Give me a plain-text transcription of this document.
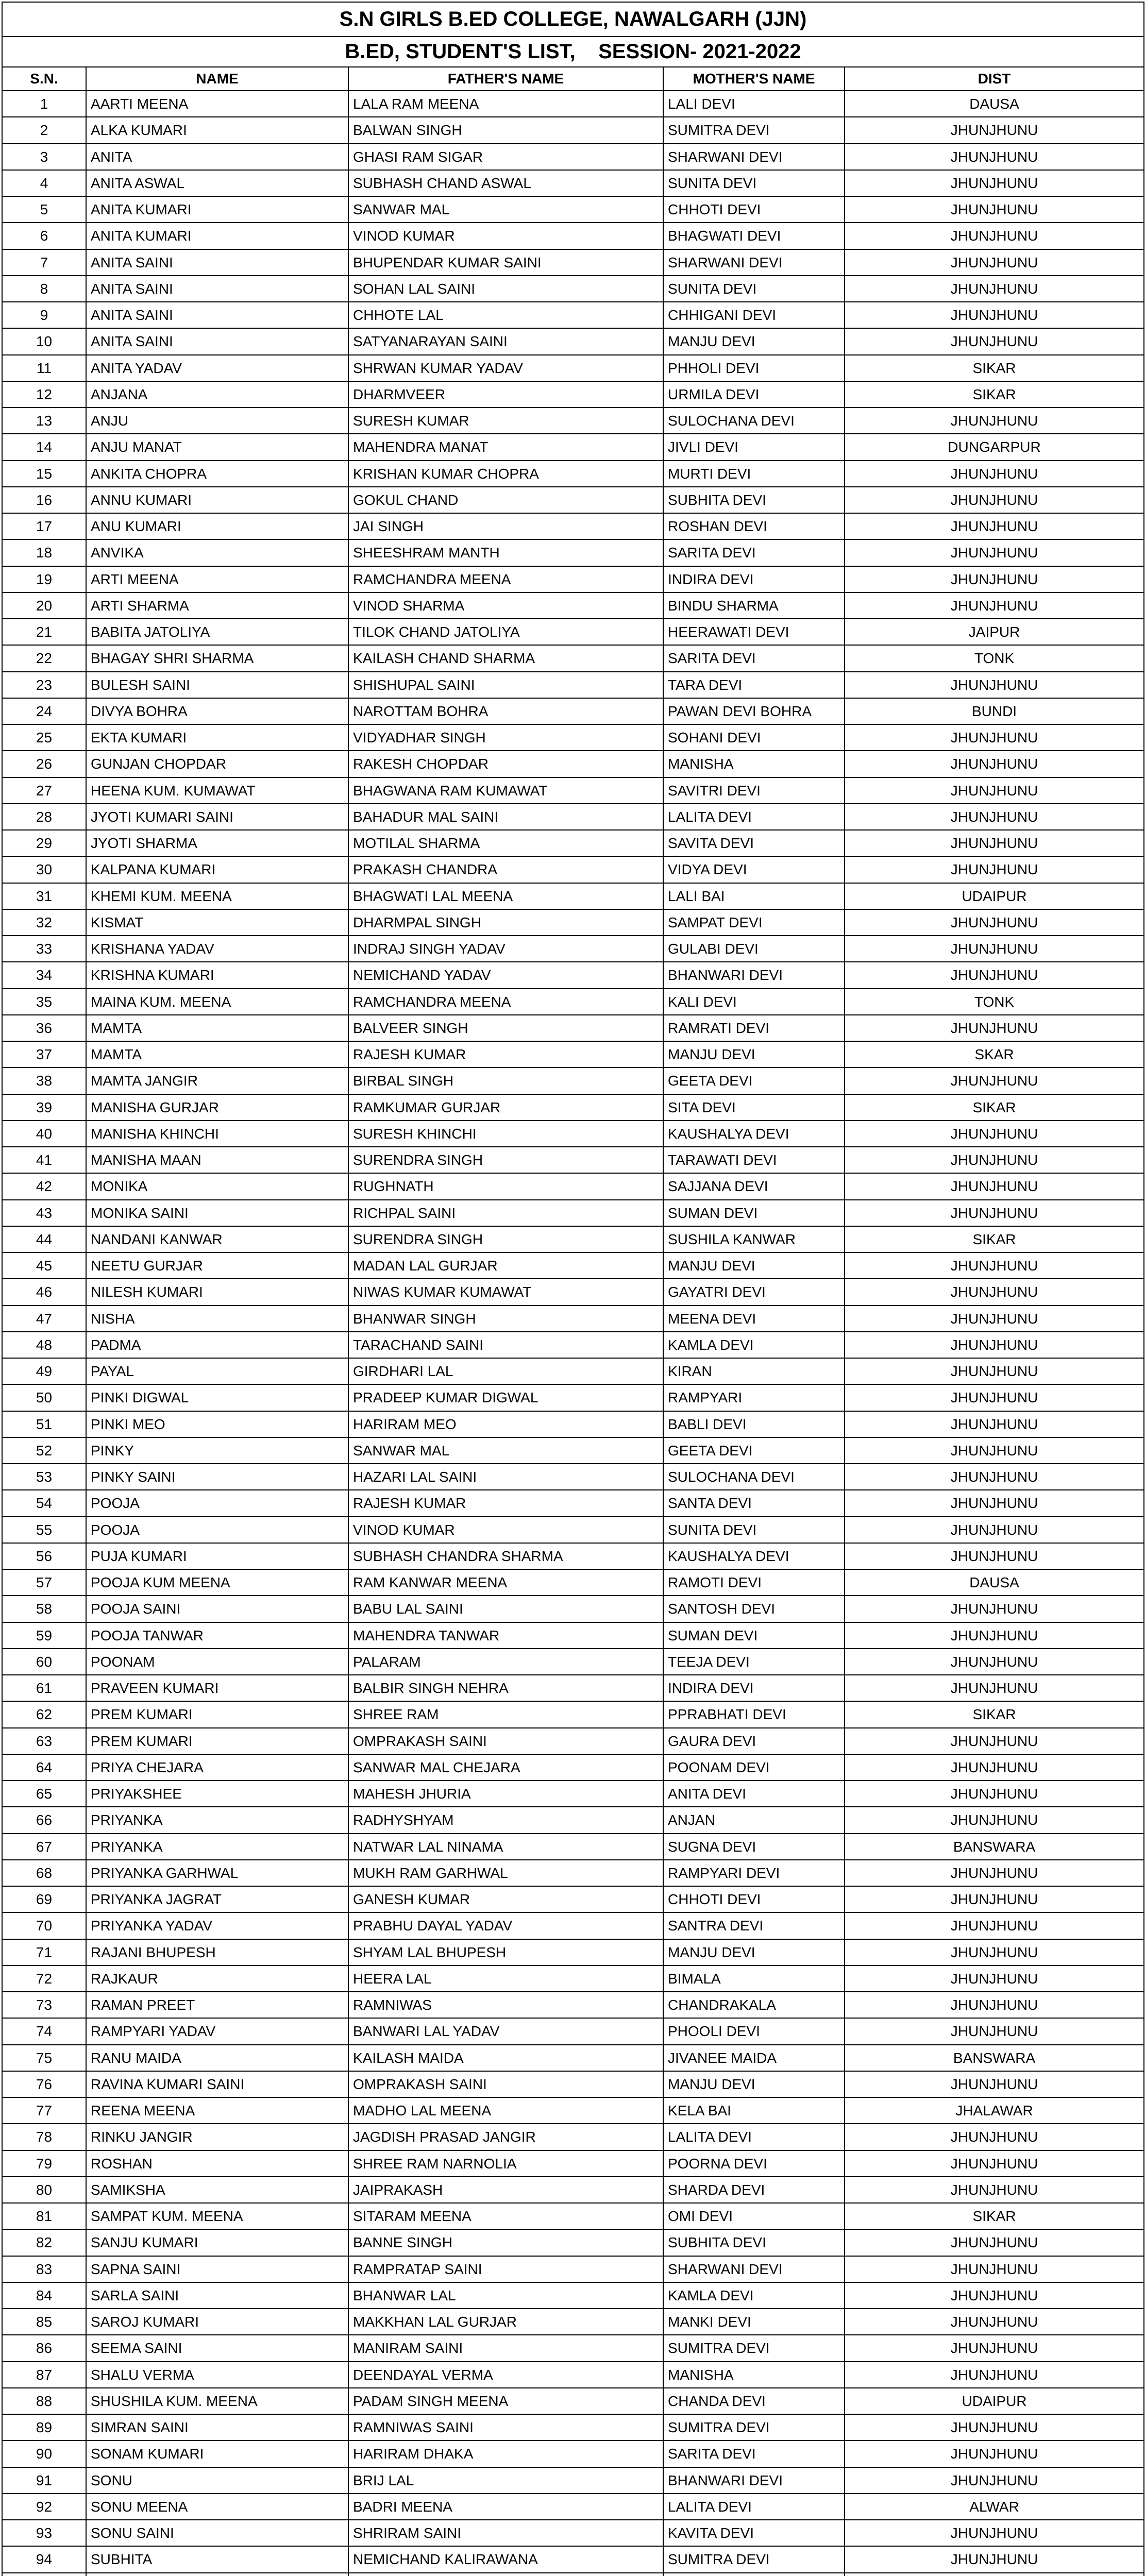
S.N GIRLS B.ED COLLEGE, NAWALGARH (JJN)				
B.ED, STUDENT'S LIST,    SESSION- 2021-2022				
S.N.	NAME	FATHER'S NAME	MOTHER'S NAME	DIST
1	AARTI MEENA	LALA RAM MEENA	LALI DEVI	DAUSA
2	ALKA KUMARI	BALWAN SINGH	SUMITRA DEVI	JHUNJHUNU
3	ANITA	GHASI RAM SIGAR	SHARWANI DEVI	JHUNJHUNU
4	ANITA ASWAL	SUBHASH CHAND ASWAL	SUNITA DEVI	JHUNJHUNU
5	ANITA KUMARI	SANWAR MAL	CHHOTI DEVI	JHUNJHUNU
6	ANITA KUMARI	VINOD KUMAR	BHAGWATI DEVI	JHUNJHUNU
7	ANITA SAINI	BHUPENDAR KUMAR SAINI	SHARWANI DEVI	JHUNJHUNU
8	ANITA SAINI	SOHAN LAL SAINI	SUNITA DEVI	JHUNJHUNU
9	ANITA SAINI	CHHOTE LAL	CHHIGANI DEVI	JHUNJHUNU
10	ANITA SAINI	SATYANARAYAN SAINI	MANJU DEVI	JHUNJHUNU
11	ANITA YADAV	SHRWAN KUMAR YADAV	PHHOLI DEVI	SIKAR
12	ANJANA	DHARMVEER	URMILA DEVI	SIKAR
13	ANJU	SURESH KUMAR	SULOCHANA DEVI	JHUNJHUNU
14	ANJU MANAT	MAHENDRA MANAT	JIVLI DEVI	DUNGARPUR
15	ANKITA CHOPRA	KRISHAN KUMAR CHOPRA	MURTI DEVI	JHUNJHUNU
16	ANNU KUMARI	GOKUL CHAND	SUBHITA DEVI	JHUNJHUNU
17	ANU KUMARI	JAI SINGH	ROSHAN DEVI	JHUNJHUNU
18	ANVIKA	SHEESHRAM MANTH	SARITA DEVI	JHUNJHUNU
19	ARTI MEENA	RAMCHANDRA MEENA	INDIRA DEVI	JHUNJHUNU
20	ARTI SHARMA	VINOD SHARMA	BINDU SHARMA	JHUNJHUNU
21	BABITA JATOLIYA	TILOK CHAND JATOLIYA	HEERAWATI DEVI	JAIPUR
22	BHAGAY SHRI SHARMA	KAILASH CHAND SHARMA	SARITA DEVI	TONK
23	BULESH SAINI	SHISHUPAL SAINI	TARA DEVI	JHUNJHUNU
24	DIVYA BOHRA	NAROTTAM BOHRA	PAWAN DEVI BOHRA	BUNDI
25	EKTA KUMARI	VIDYADHAR SINGH	SOHANI DEVI	JHUNJHUNU
26	GUNJAN CHOPDAR	RAKESH CHOPDAR	MANISHA	JHUNJHUNU
27	HEENA KUM. KUMAWAT	BHAGWANA RAM KUMAWAT	SAVITRI DEVI	JHUNJHUNU
28	JYOTI KUMARI SAINI	BAHADUR MAL SAINI	LALITA DEVI	JHUNJHUNU
29	JYOTI SHARMA	MOTILAL SHARMA	SAVITA DEVI	JHUNJHUNU
30	KALPANA KUMARI	PRAKASH CHANDRA	VIDYA DEVI	JHUNJHUNU
31	KHEMI KUM. MEENA	BHAGWATI LAL MEENA	LALI BAI	UDAIPUR
32	KISMAT	DHARMPAL SINGH	SAMPAT DEVI	JHUNJHUNU
33	KRISHANA YADAV	INDRAJ SINGH YADAV	GULABI DEVI	JHUNJHUNU
34	KRISHNA KUMARI	NEMICHAND YADAV	BHANWARI DEVI	JHUNJHUNU
35	MAINA KUM. MEENA	RAMCHANDRA MEENA	KALI DEVI	TONK
36	MAMTA	BALVEER SINGH	RAMRATI DEVI	JHUNJHUNU
37	MAMTA	RAJESH KUMAR	MANJU DEVI	SKAR
38	MAMTA JANGIR	BIRBAL SINGH	GEETA DEVI	JHUNJHUNU
39	MANISHA GURJAR	RAMKUMAR GURJAR	SITA DEVI	SIKAR
40	MANISHA KHINCHI	SURESH KHINCHI	KAUSHALYA DEVI	JHUNJHUNU
41	MANISHA MAAN	SURENDRA SINGH	TARAWATI DEVI	JHUNJHUNU
42	MONIKA	RUGHNATH	SAJJANA DEVI	JHUNJHUNU
43	MONIKA SAINI	RICHPAL SAINI	SUMAN DEVI	JHUNJHUNU
44	NANDANI KANWAR	SURENDRA SINGH	SUSHILA KANWAR	SIKAR
45	NEETU GURJAR	MADAN LAL GURJAR	MANJU DEVI	JHUNJHUNU
46	NILESH KUMARI	NIWAS KUMAR KUMAWAT	GAYATRI DEVI	JHUNJHUNU
47	NISHA	BHANWAR SINGH	MEENA DEVI	JHUNJHUNU
48	PADMA	TARACHAND SAINI	KAMLA DEVI	JHUNJHUNU
49	PAYAL	GIRDHARI LAL	KIRAN	JHUNJHUNU
50	PINKI DIGWAL	PRADEEP KUMAR DIGWAL	RAMPYARI	JHUNJHUNU
51	PINKI MEO	HARIRAM MEO	BABLI DEVI	JHUNJHUNU
52	PINKY	SANWAR MAL	GEETA DEVI	JHUNJHUNU
53	PINKY SAINI	HAZARI LAL SAINI	SULOCHANA DEVI	JHUNJHUNU
54	POOJA	RAJESH KUMAR	SANTA DEVI	JHUNJHUNU
55	POOJA	VINOD KUMAR	SUNITA DEVI	JHUNJHUNU
56	PUJA KUMARI	SUBHASH CHANDRA SHARMA	KAUSHALYA DEVI	JHUNJHUNU
57	POOJA KUM MEENA	RAM KANWAR MEENA	RAMOTI DEVI	DAUSA
58	POOJA SAINI	BABU LAL SAINI	SANTOSH DEVI	JHUNJHUNU
59	POOJA TANWAR	MAHENDRA TANWAR	SUMAN DEVI	JHUNJHUNU
60	POONAM	PALARAM	TEEJA DEVI	JHUNJHUNU
61	PRAVEEN KUMARI	BALBIR SINGH NEHRA	INDIRA DEVI	JHUNJHUNU
62	PREM KUMARI	SHREE RAM	PPRABHATI DEVI	SIKAR
63	PREM KUMARI	OMPRAKASH SAINI	GAURA DEVI	JHUNJHUNU
64	PRIYA CHEJARA	SANWAR MAL CHEJARA	POONAM DEVI	JHUNJHUNU
65	PRIYAKSHEE	MAHESH JHURIA	ANITA DEVI	JHUNJHUNU
66	PRIYANKA	RADHYSHYAM	ANJAN	JHUNJHUNU
67	PRIYANKA	NATWAR LAL NINAMA	SUGNA DEVI	BANSWARA
68	PRIYANKA GARHWAL	MUKH RAM GARHWAL	RAMPYARI DEVI	JHUNJHUNU
69	PRIYANKA JAGRAT	GANESH KUMAR	CHHOTI DEVI	JHUNJHUNU
70	PRIYANKA YADAV	PRABHU DAYAL YADAV	SANTRA DEVI	JHUNJHUNU
71	RAJANI BHUPESH	SHYAM LAL BHUPESH	MANJU DEVI	JHUNJHUNU
72	RAJKAUR	HEERA LAL	BIMALA	JHUNJHUNU
73	RAMAN PREET	RAMNIWAS	CHANDRAKALA	JHUNJHUNU
74	RAMPYARI YADAV	BANWARI LAL YADAV	PHOOLI DEVI	JHUNJHUNU
75	RANU MAIDA	KAILASH MAIDA	JIVANEE MAIDA	BANSWARA
76	RAVINA KUMARI SAINI	OMPRAKASH SAINI	MANJU DEVI	JHUNJHUNU
77	REENA MEENA	MADHO LAL MEENA	KELA BAI	JHALAWAR
78	RINKU JANGIR	JAGDISH PRASAD JANGIR	LALITA DEVI	JHUNJHUNU
79	ROSHAN	SHREE RAM NARNOLIA	POORNA DEVI	JHUNJHUNU
80	SAMIKSHA	JAIPRAKASH	SHARDA DEVI	JHUNJHUNU
81	SAMPAT KUM. MEENA	SITARAM MEENA	OMI DEVI	SIKAR
82	SANJU KUMARI	BANNE SINGH	SUBHITA DEVI	JHUNJHUNU
83	SAPNA SAINI	RAMPRATAP SAINI	SHARWANI DEVI	JHUNJHUNU
84	SARLA SAINI	BHANWAR LAL	KAMLA DEVI	JHUNJHUNU
85	SAROJ KUMARI	MAKKHAN LAL GURJAR	MANKI DEVI	JHUNJHUNU
86	SEEMA SAINI	MANIRAM SAINI	SUMITRA DEVI	JHUNJHUNU
87	SHALU VERMA	DEENDAYAL VERMA	MANISHA	JHUNJHUNU
88	SHUSHILA KUM. MEENA	PADAM SINGH MEENA	CHANDA DEVI	UDAIPUR
89	SIMRAN SAINI	RAMNIWAS SAINI	SUMITRA DEVI	JHUNJHUNU
90	SONAM KUMARI	HARIRAM DHAKA	SARITA DEVI	JHUNJHUNU
91	SONU	BRIJ LAL	BHANWARI DEVI	JHUNJHUNU
92	SONU MEENA	BADRI MEENA	LALITA DEVI	ALWAR
93	SONU SAINI	SHRIRAM SAINI	KAVITA DEVI	JHUNJHUNU
94	SUBHITA	NEMICHAND KALIRAWANA	SUMITRA DEVI	JHUNJHUNU
